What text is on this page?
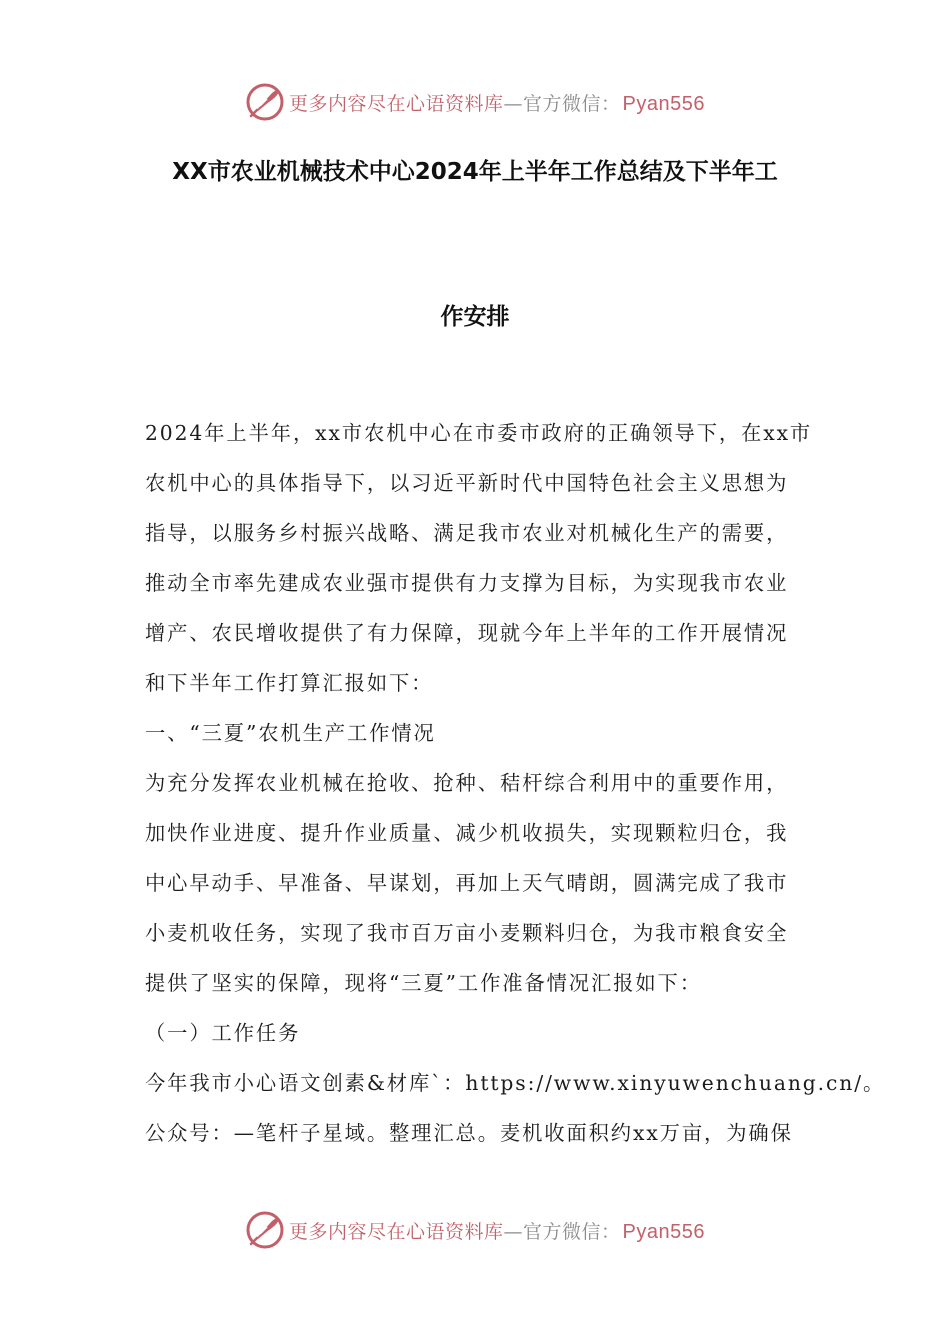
更多内容尽在心语资料库—官方微信： Pyan556
XX市农业机械技术中心2024年上半年工作总结及下半年工
作安排
2024年上半年，xx市农机中心在市委市政府的正确领导下，在xx市
农机中心的具体指导下，以习近平新时代中国特色社会主义思想为
指导，以服务乡村振兴战略、满足我市农业对机械化生产的需要，
推动全市率先建成农业强市提供有力支撑为目标，为实现我市农业
增产、农民增收提供了有力保障，现就今年上半年的工作开展情况
和下半年工作打算汇报如下：
一、“三夏”农机生产工作情况
为充分发挥农业机械在抢收、抢种、秸杆综合利用中的重要作用，
加快作业进度、提升作业质量、减少机收损失，实现颗粒归仓，我
中心早动手、早准备、早谋划，再加上天气晴朗，圆满完成了我市
小麦机收任务，实现了我市百万亩小麦颗料归仓，为我市粮食安全
提供了坚实的保障，现将“三夏”工作准备情况汇报如下：
（一）工作任务
今年我市小心语文创素&材库`：https://www.xinyuwenchuang.cn/。
公众号：—笔杆子星域。整理汇总。麦机收面积约xx万亩，为确保
更多内容尽在心语资料库—官方微信： Pyan556
